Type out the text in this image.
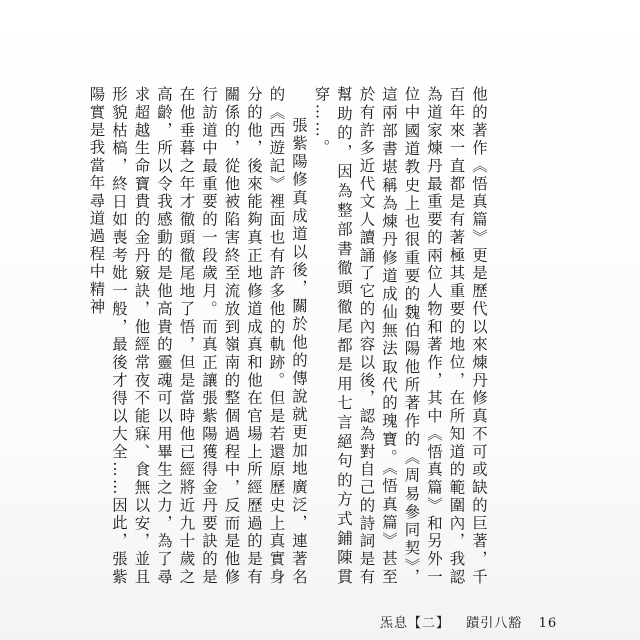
他的著作《悟真篇》更是歷代以來煉丹修真不可或缺的巨著，千百年來一直都是有著極其重要的地位，在所知道的範圍內，我認為道家煉丹最重要的兩位人物和著作，其中《悟真篇》和另外一位中國道教史上也很重要的魏伯陽他所著作的《周易參同契》，這兩部書堪稱為煉丹修道成仙無法取代的瑰寶。《悟真篇》甚至於有許多近代文人讀誦了它的內容以後，認為對自己的詩詞是有幫助的，因為整部書徹頭徹尾都是用七言絕句的方式鋪陳貫穿……。

張紫陽修真成道以後，關於他的傳說就更加地廣泛，連著名的《西遊記》裡面也有許多他的軌跡。但是若還原歷史上真實身分的他，後來能夠真正地修道成真和他在官場上所經歷過的是有關係的，從他被陷害終至流放到嶺南的整個過程中，反而是他修行訪道中最重要的一段歲月。而真正讓張紫陽獲得金丹要訣的是在他垂暮之年才徹頭徹尾地了悟，但是當時他已經將近九十歲之高齡，所以令我感動的是他高貴的靈魂可以用畢生之力，為了尋求超越生命寶貴的金丹竅訣，他經常夜不能寐、食無以安，並且形貌枯槁，終日如喪考妣一般，最後才得以大全……因此，張紫陽實是我當年尋道過程中精神

炁息【二】 蹟引八豁 16
